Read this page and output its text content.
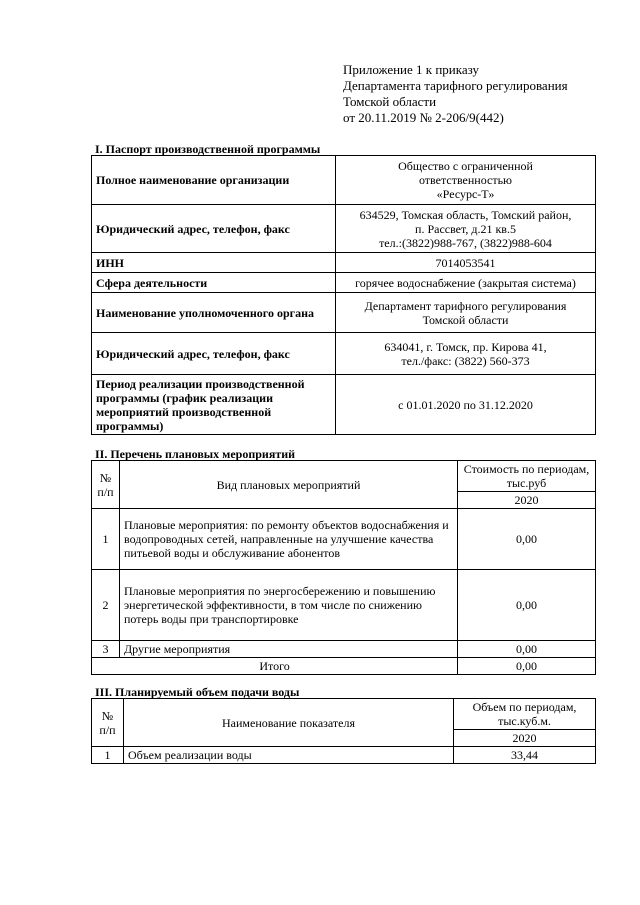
Приложение 1 к приказу
Департамента тарифного регулирования
Томской области
от 20.11.2019 № 2-206/9(442)
I. Паспорт производственной программы
Полное наименование организации	Общество с ограниченной
ответственностью
«Ресурс-Т»

Юридический адрес, телефон, факс	634529, Томская область, Томский район,
п. Рассвет, д.21 кв.5
тел.:(3822)988-767, (3822)988-604

ИНН	7014053541
Сфера деятельности	горячее водоснабжение (закрытая система)
Наименование уполномоченного органа	Департамент тарифного регулирования
Томской области

Юридический адрес, телефон, факс	634041, г. Томск, пр. Кирова 41,
тел./факс: (3822) 560-373

Период реализации производственной программы (график реализации мероприятий производственной программы)	с 01.01.2020 по 31.12.2020
II. Перечень плановых мероприятий
№ п/п	Вид плановых мероприятий	Стоимость по периодам, тыс.руб
		2020
1	Плановые мероприятия: по ремонту объектов водоснабжения и водопроводных сетей, направленные на улучшение качества питьевой воды и обслуживание абонентов	0,00
2	Плановые мероприятия по энергосбережению и повышению энергетической эффективности, в том числе по снижению потерь воды при транспортировке	0,00
3	Другие мероприятия	0,00
Итого		0,00
III. Планируемый объем подачи воды
№ п/п	Наименование показателя	Объем по периодам, тыс.куб.м.
		2020
1	Объем реализации воды	33,44
